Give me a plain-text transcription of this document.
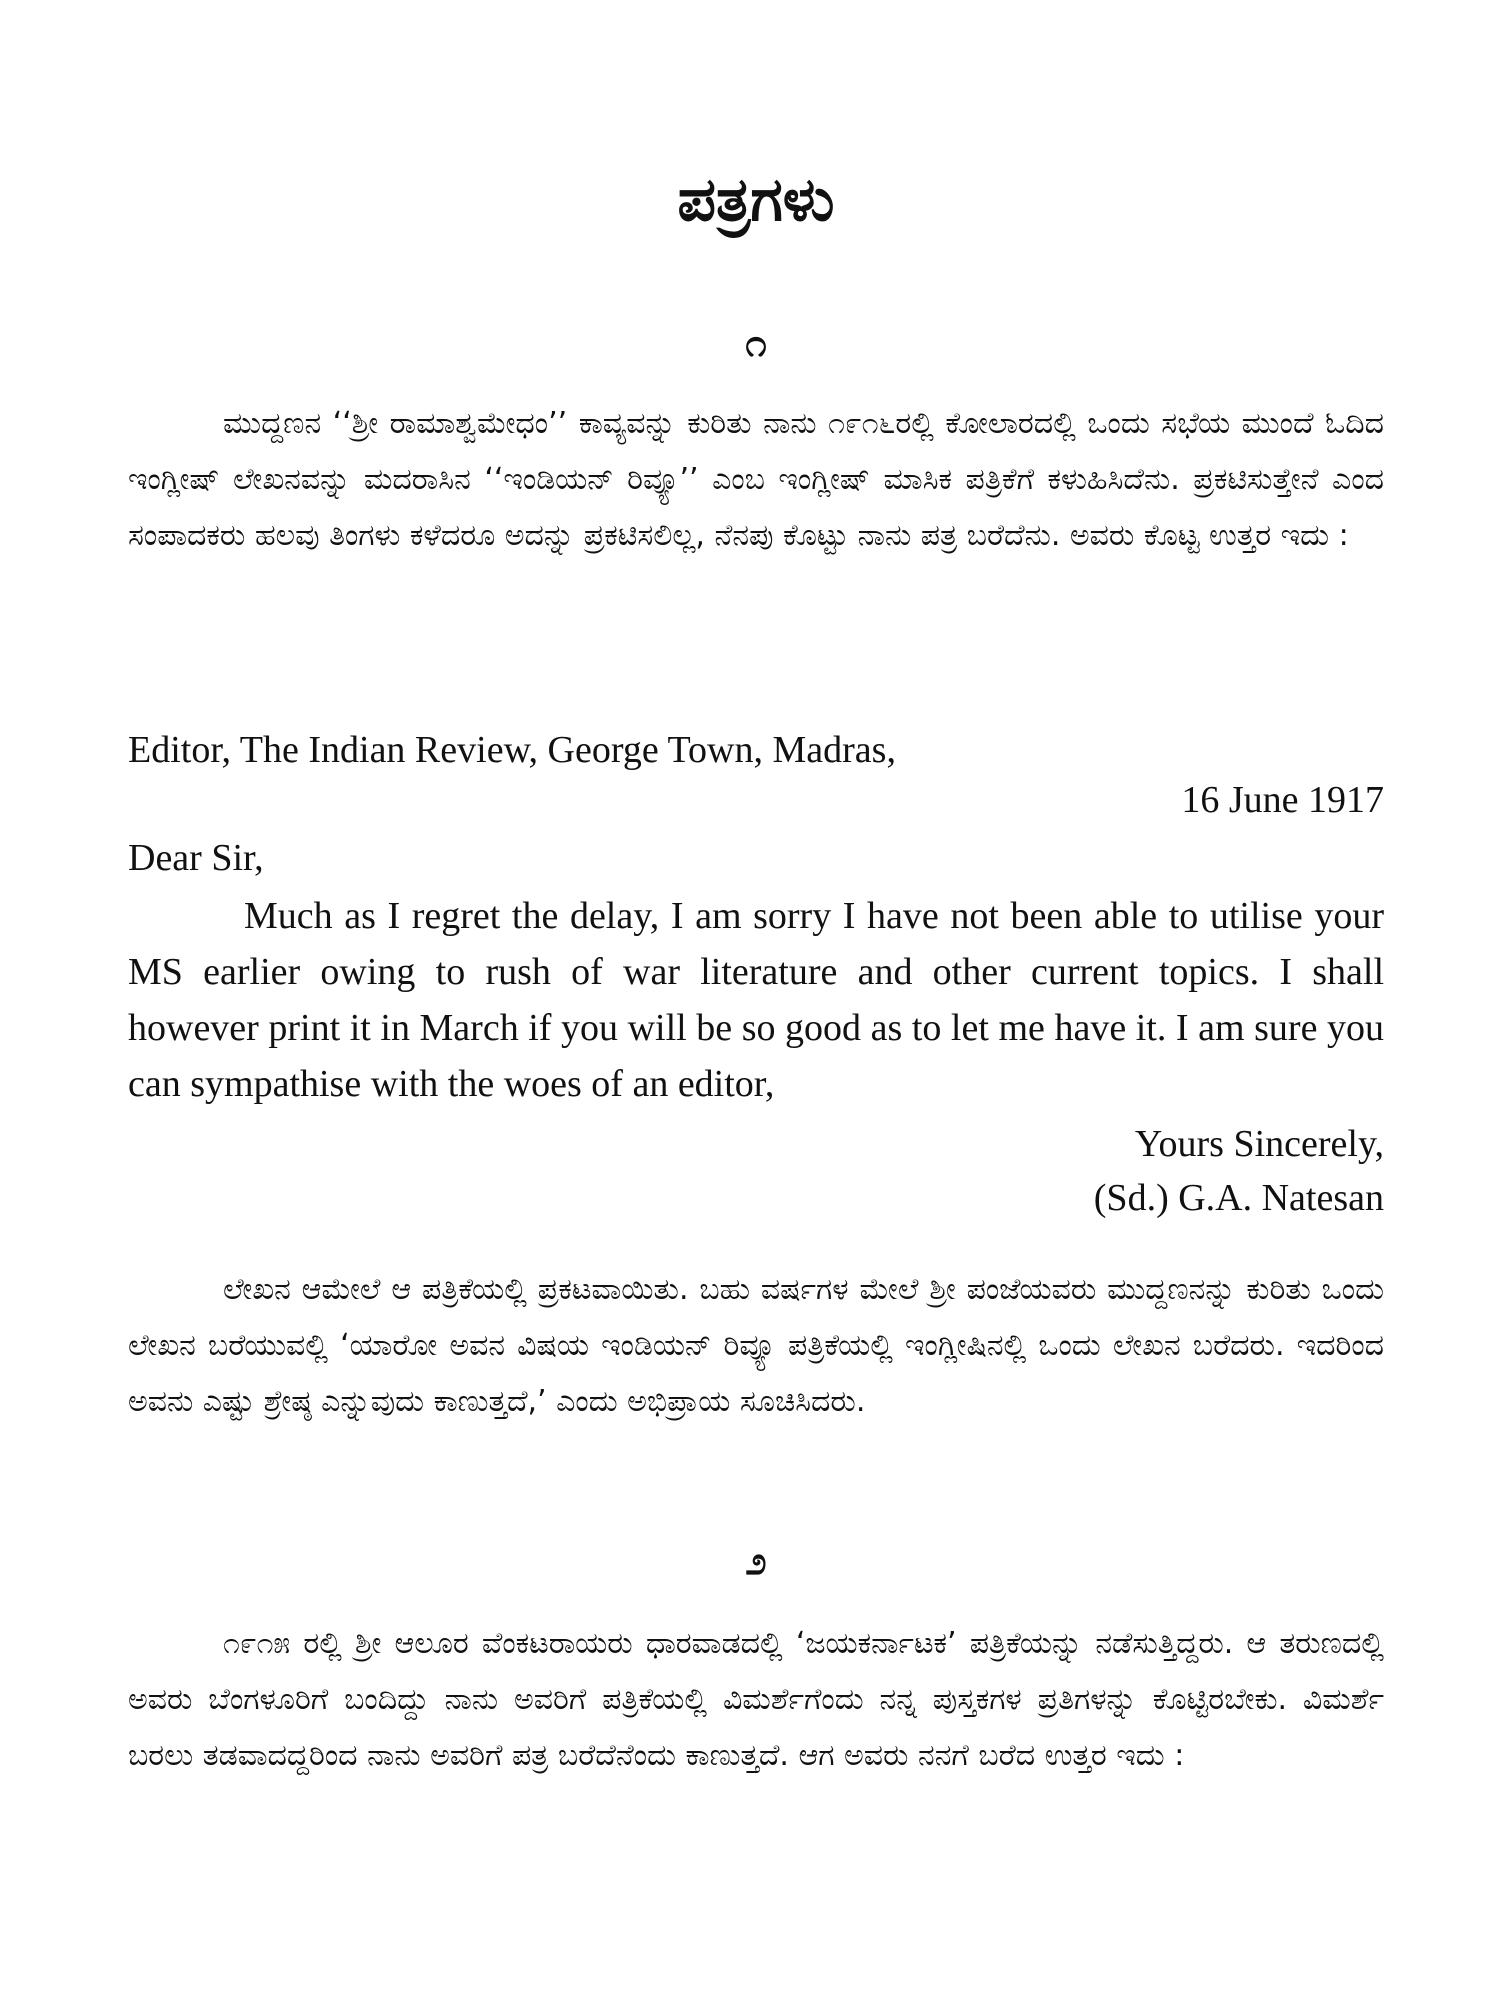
ಪತ್ರಗಳು
೧

ಮುದ್ದಣನ ‘‘ಶ್ರೀ ರಾಮಾಶ್ವಮೇಧಂ’’ ಕಾವ್ಯವನ್ನು ಕುರಿತು ನಾನು ೧೯೧೬ರಲ್ಲಿ ಕೋಲಾರದಲ್ಲಿ ಒಂದು ಸಭೆಯ ಮುಂದೆ ಓದಿದ ಇಂಗ್ಲೀಷ್ ಲೇಖನವನ್ನು ಮದರಾಸಿನ ‘‘ಇಂಡಿಯನ್ ರಿವ್ಯೂ’’ ಎಂಬ ಇಂಗ್ಲೀಷ್ ಮಾಸಿಕ ಪತ್ರಿಕೆಗೆ ಕಳುಹಿಸಿದೆನು. ಪ್ರಕಟಿಸುತ್ತೇನೆ ಎಂದ ಸಂಪಾದಕರು ಹಲವು ತಿಂಗಳು ಕಳೆದರೂ ಅದನ್ನು ಪ್ರಕಟಿಸಲಿಲ್ಲ, ನೆನಪು ಕೊಟ್ಟು ನಾನು ಪತ್ರ ಬರೆದೆನು. ಅವರು ಕೊಟ್ಟ ಉತ್ತರ ಇದು :

Editor, The Indian Review, George Town, Madras,

16 June 1917

Dear Sir,

Much as I regret the delay, I am sorry I have not been able to utilise your MS earlier owing to rush of war literature and other current topics. I shall however print it in March if you will be so good as to let me have it. I am sure you can sympathise with the woes of an editor,

Yours Sincerely,

(Sd.) G.A. Natesan

ಲೇಖನ ಆಮೇಲೆ ಆ ಪತ್ರಿಕೆಯಲ್ಲಿ ಪ್ರಕಟವಾಯಿತು. ಬಹು ವರ್ಷಗಳ ಮೇಲೆ ಶ್ರೀ ಪಂಜೆಯವರು ಮುದ್ದಣನನ್ನು ಕುರಿತು ಒಂದು ಲೇಖನ ಬರೆಯುವಲ್ಲಿ ‘ಯಾರೋ ಅವನ ವಿಷಯ ಇಂಡಿಯನ್ ರಿವ್ಯೂ ಪತ್ರಿಕೆಯಲ್ಲಿ ಇಂಗ್ಲೀಷಿನಲ್ಲಿ ಒಂದು ಲೇಖನ ಬರೆದರು. ಇದರಿಂದ ಅವನು ಎಷ್ಟು ಶ್ರೇಷ್ಠ ಎನ್ನುವುದು ಕಾಣುತ್ತದೆ,’ ಎಂದು ಅಭಿಪ್ರಾಯ ಸೂಚಿಸಿದರು.

೨

೧೯೧೫ ರಲ್ಲಿ ಶ್ರೀ ಆಲೂರ ವೆಂಕಟರಾಯರು ಧಾರವಾಡದಲ್ಲಿ ‘ಜಯಕರ್ನಾಟಕ’ ಪತ್ರಿಕೆಯನ್ನು ನಡೆಸುತ್ತಿದ್ದರು. ಆ ತರುಣದಲ್ಲಿ ಅವರು ಬೆಂಗಳೂರಿಗೆ ಬಂದಿದ್ದು ನಾನು ಅವರಿಗೆ ಪತ್ರಿಕೆಯಲ್ಲಿ ವಿಮರ್ಶೆಗೆಂದು ನನ್ನ ಪುಸ್ತಕಗಳ ಪ್ರತಿಗಳನ್ನು ಕೊಟ್ಟಿರಬೇಕು. ವಿಮರ್ಶೆ ಬರಲು ತಡವಾದದ್ದರಿಂದ ನಾನು ಅವರಿಗೆ ಪತ್ರ ಬರೆದೆನೆಂದು ಕಾಣುತ್ತದೆ. ಆಗ ಅವರು ನನಗೆ ಬರೆದ ಉತ್ತರ ಇದು :
